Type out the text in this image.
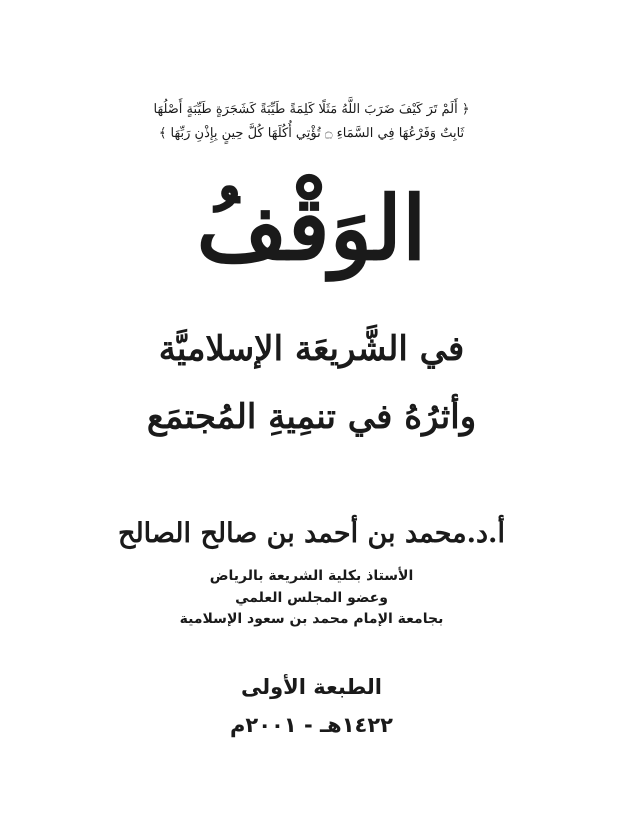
﴿ أَلَمْ تَرَ كَيْفَ ضَرَبَ اللَّهُ مَثَلًا كَلِمَةً طَيِّبَةً كَشَجَرَةٍ طَيِّبَةٍ أَصْلُهَا
ثَابِتٌ وَفَرْعُهَا فِي السَّمَاءِ ۝ تُؤْتِي أُكُلَهَا كُلَّ حِينٍ بِإِذْنِ رَبِّهَا ﴾
الوَقْفُ
في الشَّريعَة الإسلاميَّة
وأثرُهُ في تنمِيةِ المُجتمَع
أ.د.محمد بن أحمد بن صالح الصالح
الأستاذ بكلية الشريعة بالرياض
وعضو المجلس العلمي
بجامعة الإمام محمد بن سعود الإسلامية
الطبعة الأولى
١٤٢٢هـ - ٢٠٠١م
